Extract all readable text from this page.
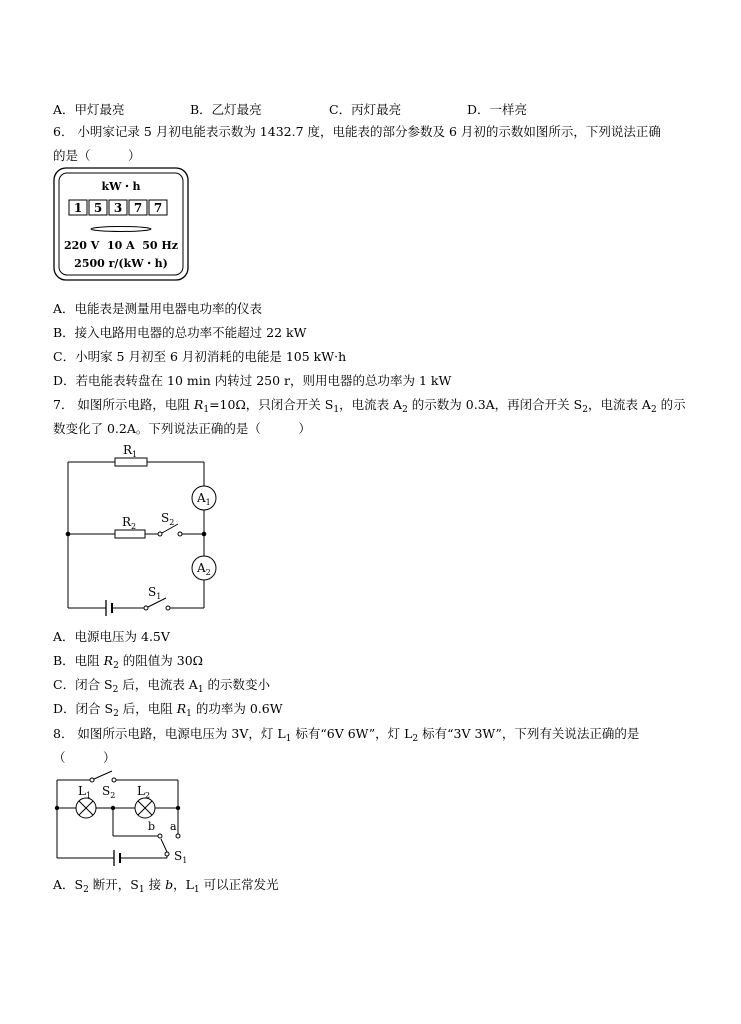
A．甲灯最亮	B．乙灯最亮	C．丙灯最亮	D．一样亮
6． 小明家记录 5 月初电能表示数为 1432.7 度，电能表的部分参数及 6 月初的示数如图所示，下列说法正确
的是（　　　）
kW・h
1 5 3 7 7
220 V  10 A  50 Hz
2500 r/(kW・h)
A．电能表是测量用电器电功率的仪表
B．接入电路用电器的总功率不能超过 22 kW
C．小明家 5 月初至 6 月初消耗的电能是 105 kW·h
D．若电能表转盘在 10 min 内转过 250 r，则用电器的总功率为 1 kW
7． 如图所示电路，电阻 $R_1=10\Omega$，只闭合开关 $S_1$，电流表 $A_2$ 的示数为 0.3A，再闭合开关 $S_2$，电流表 $A_2$ 的示
数变化了 0.2A。下列说法正确的是（　　　）
$R_1$
$R_2$
$S_2$
$A_1$
$A_2$
$S_1$
A．电源电压为 4.5V
B．电阻 $R_2$ 的阻值为 30Ω
C．闭合 $S_2$ 后，电流表 $A_1$ 的示数变小
D．闭合 $S_2$ 后，电阻 $R_1$ 的功率为 0.6W
8． 如图所示电路，电源电压为 3V，灯 $L_1$ 标有“6V 6W”，灯 $L_2$ 标有“3V 3W”，下列有关说法正确的是
（　　　）
$L_1$ $S_2$ $L_2$
b a
$S_1$
A．$S_2$ 断开，$S_1$ 接 b，$L_1$ 可以正常发光
